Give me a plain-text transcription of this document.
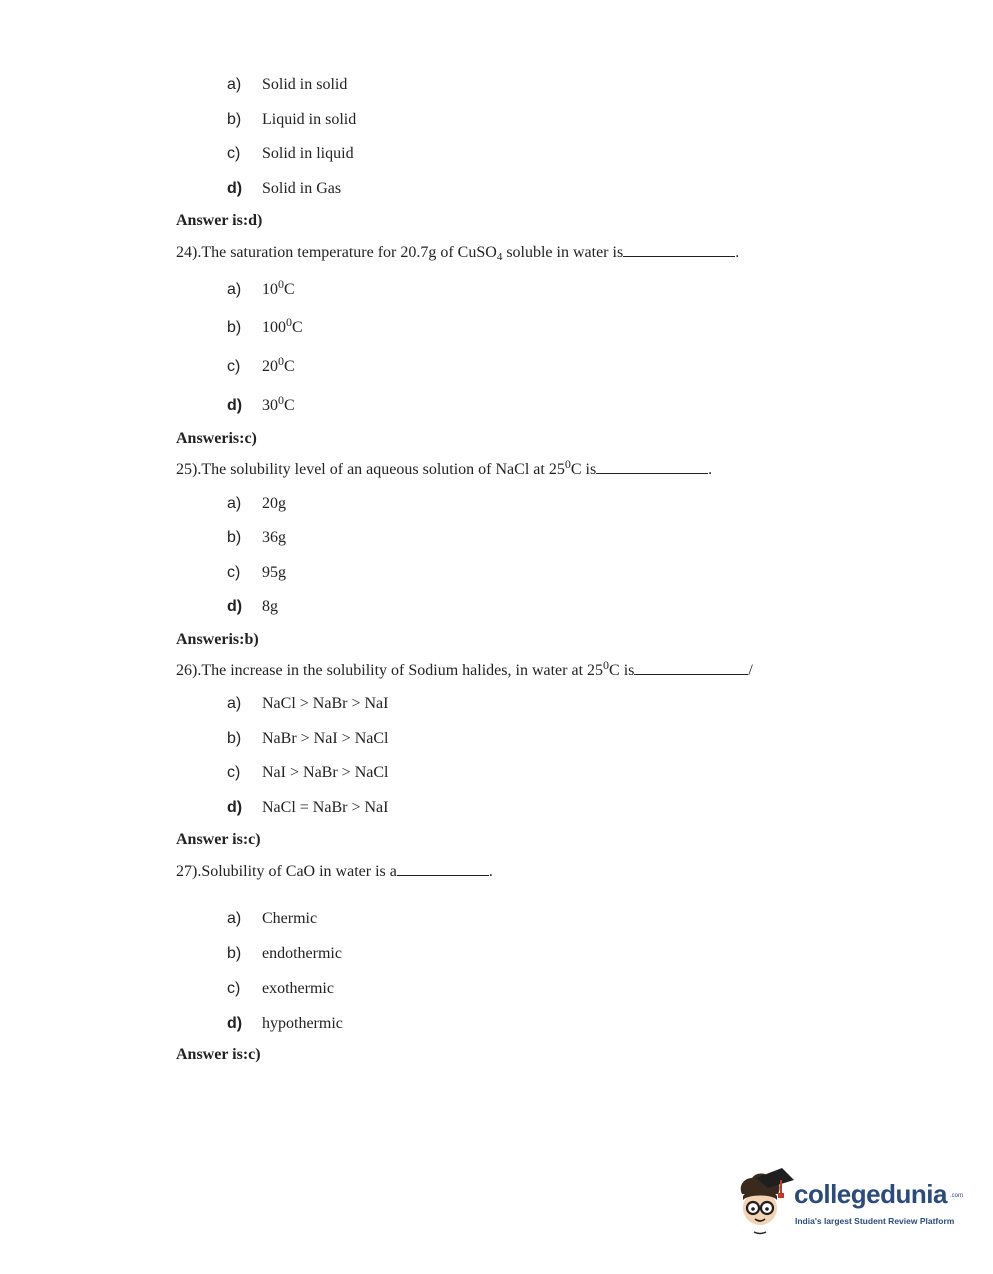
a) Solid in solid
b) Liquid in solid
c) Solid in liquid
d) Solid in Gas
Answer is:d)
24).The saturation temperature for 20.7g of CuSO$_4$ soluble in water is	.
a) $10^0C$
b) $100^0C$
c) $20^0C$
d) $30^0C$
Answeris:c)
25).The solubility level of an aqueous solution of NaCl at $25^0C$ is	.
a) 20g
b) 36g
c) 95g
d) 8g
Answeris:b)
26).The increase in the solubility of Sodium halides, in water at $25^0C$ is	/
a) NaCl > NaBr > NaI
b) NaBr > NaI > NaCl
c) NaI > NaBr > NaCl
d) NaCl = NaBr > NaI
Answer is:c)
27).Solubility of CaO in water is a	.
a) Chermic
b) endothermic
c) exothermic
d) hypothermic
Answer is:c)
collegedunia .com
India's largest Student Review Platform
